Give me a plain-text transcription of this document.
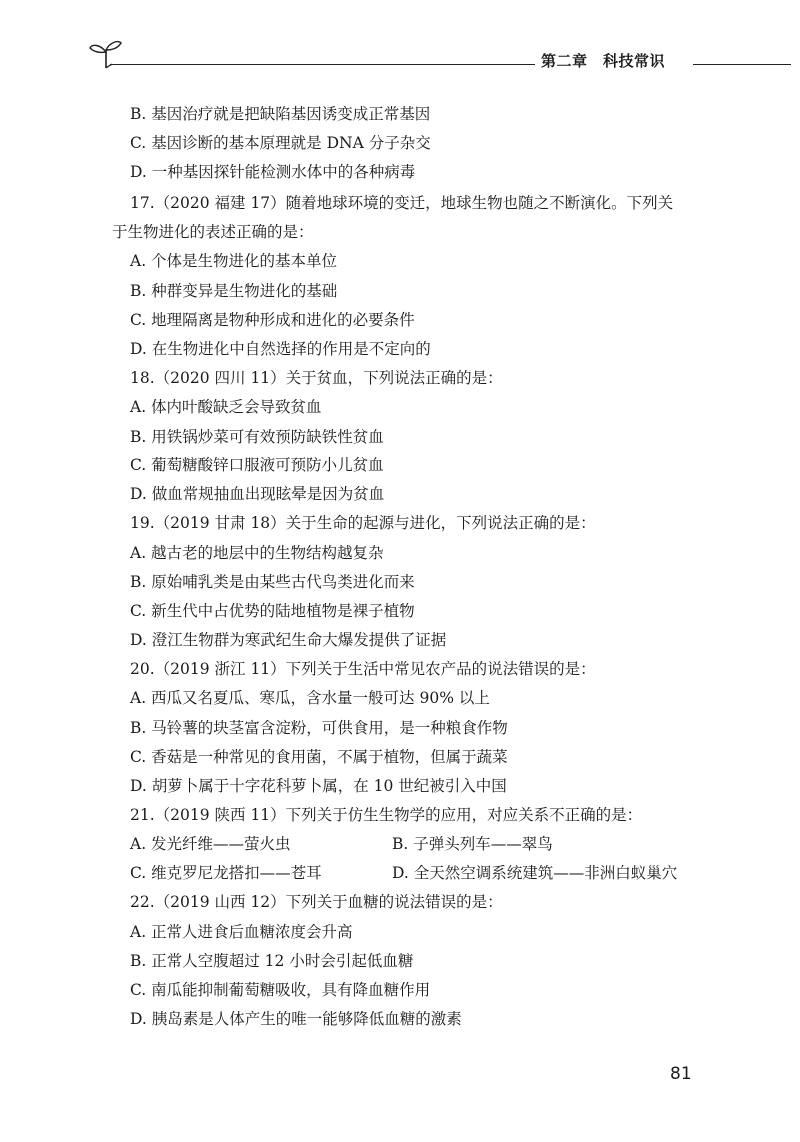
第二章　科技常识
B. 基因治疗就是把缺陷基因诱变成正常基因
C. 基因诊断的基本原理就是 DNA 分子杂交
D. 一种基因探针能检测水体中的各种病毒
17.（2020 福建 17）随着地球环境的变迁，地球生物也随之不断演化。下列关
于生物进化的表述正确的是：
A. 个体是生物进化的基本单位
B. 种群变异是生物进化的基础
C. 地理隔离是物种形成和进化的必要条件
D. 在生物进化中自然选择的作用是不定向的
18.（2020 四川 11）关于贫血，下列说法正确的是：
A. 体内叶酸缺乏会导致贫血
B. 用铁锅炒菜可有效预防缺铁性贫血
C. 葡萄糖酸锌口服液可预防小儿贫血
D. 做血常规抽血出现眩晕是因为贫血
19.（2019 甘肃 18）关于生命的起源与进化，下列说法正确的是：
A. 越古老的地层中的生物结构越复杂
B. 原始哺乳类是由某些古代鸟类进化而来
C. 新生代中占优势的陆地植物是裸子植物
D. 澄江生物群为寒武纪生命大爆发提供了证据
20.（2019 浙江 11）下列关于生活中常见农产品的说法错误的是：
A. 西瓜又名夏瓜、寒瓜，含水量一般可达 90% 以上
B. 马铃薯的块茎富含淀粉，可供食用，是一种粮食作物
C. 香菇是一种常见的食用菌，不属于植物，但属于蔬菜
D. 胡萝卜属于十字花科萝卜属，在 10 世纪被引入中国
21.（2019 陕西 11）下列关于仿生生物学的应用，对应关系不正确的是：
A. 发光纤维——萤火虫	B. 子弹头列车——翠鸟
C. 维克罗尼龙搭扣——苍耳	D. 全天然空调系统建筑——非洲白蚁巢穴
22.（2019 山西 12）下列关于血糖的说法错误的是：
A. 正常人进食后血糖浓度会升高
B. 正常人空腹超过 12 小时会引起低血糖
C. 南瓜能抑制葡萄糖吸收，具有降血糖作用
D. 胰岛素是人体产生的唯一能够降低血糖的激素
81
